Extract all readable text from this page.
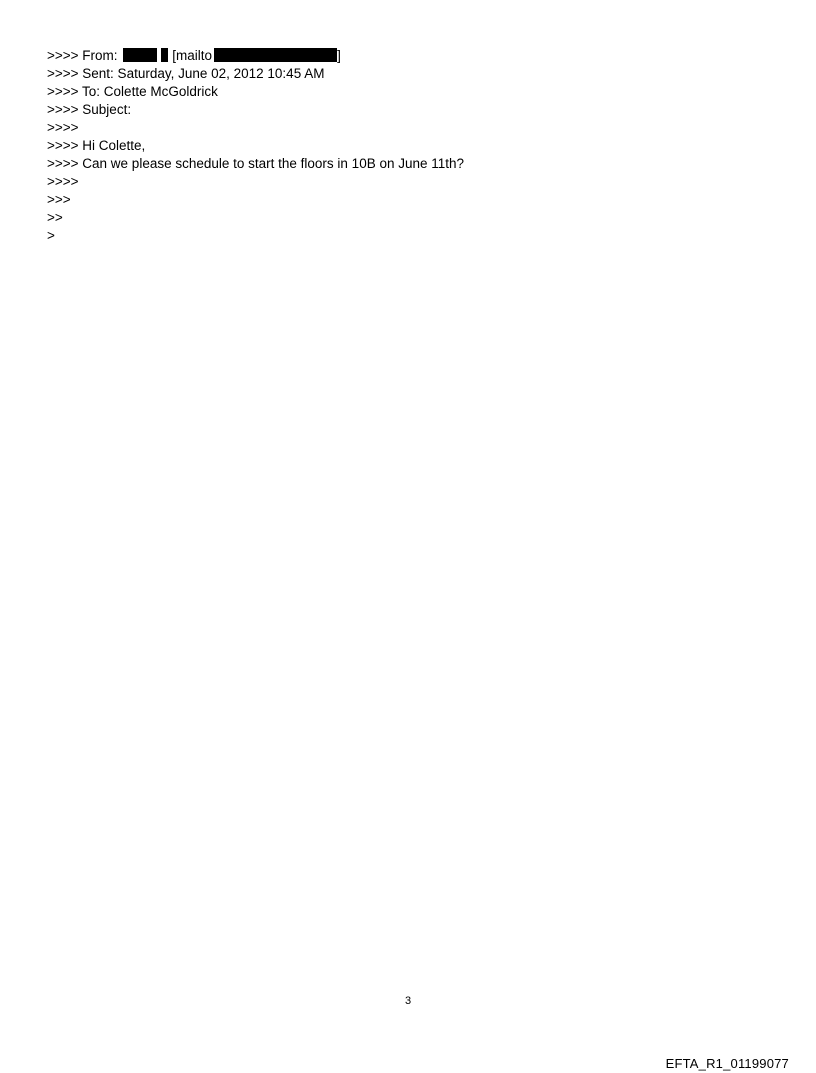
>>>> From:	[mailto	]
>>>> Sent: Saturday, June 02, 2012 10:45 AM
>>>> To: Colette McGoldrick
>>>> Subject:
>>>>
>>>> Hi Colette,
>>>> Can we please schedule to start the floors in 10B on June 11th?
>>>>
>>>
>>
>
3
EFTA_R1_01199077
